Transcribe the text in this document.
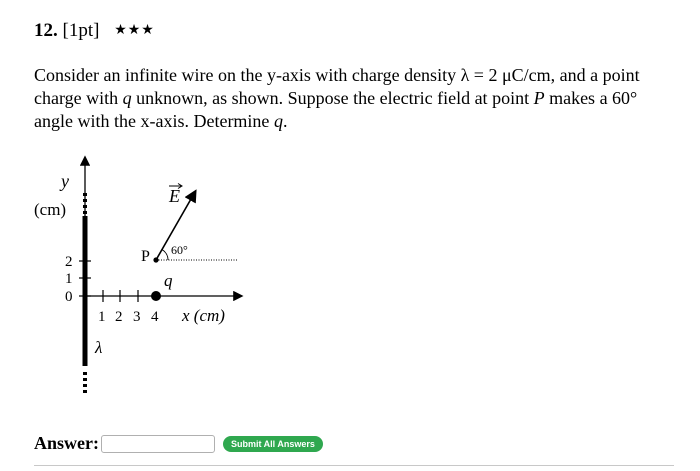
12. [1pt] ★★★
Consider an infinite wire on the y-axis with charge density λ = 2 μC/cm, and a point charge with q unknown, as shown. Suppose the electric field at point P makes a 60° angle with the x-axis. Determine q.
2
1
0
1 2 3 4
y
(cm)
x (cm)
q
P
E
60°
λ
Answer:	Submit All Answers
